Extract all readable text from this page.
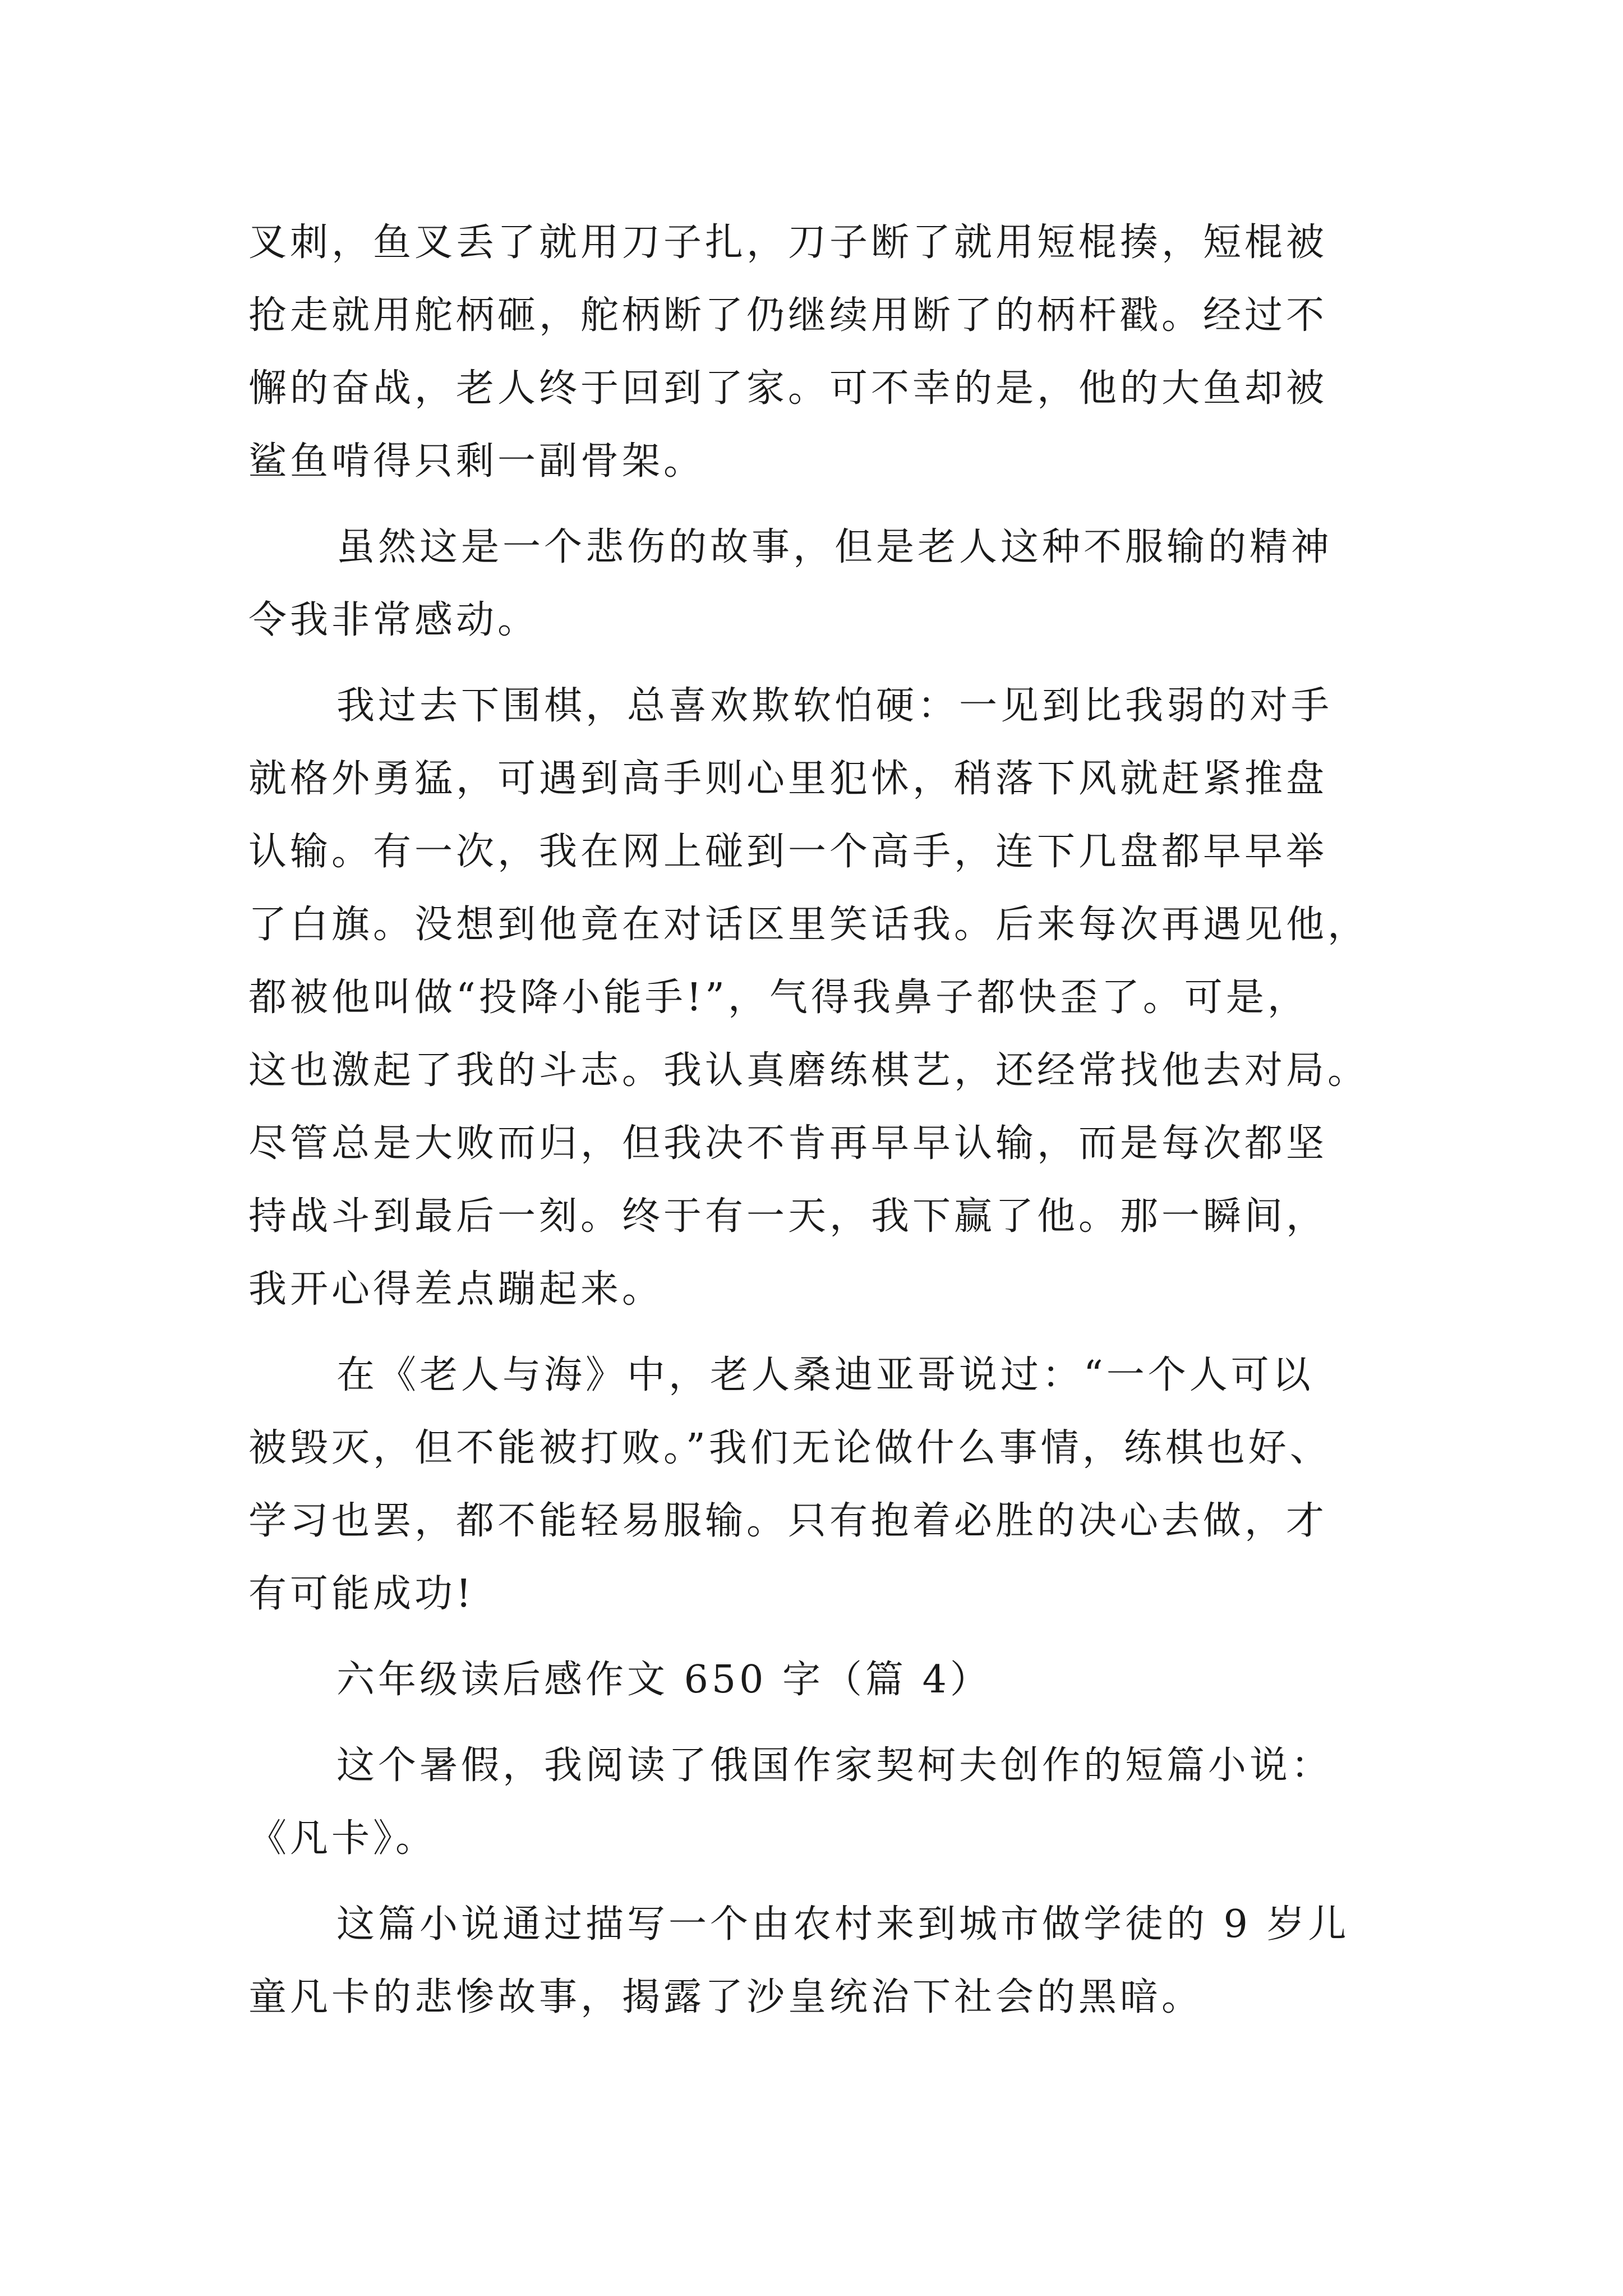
叉刺，鱼叉丢了就用刀子扎，刀子断了就用短棍揍，短棍被
抢走就用舵柄砸，舵柄断了仍继续用断了的柄杆戳。经过不
懈的奋战，老人终于回到了家。可不幸的是，他的大鱼却被
鲨鱼啃得只剩一副骨架。
虽然这是一个悲伤的故事，但是老人这种不服输的精神
令我非常感动。
我过去下围棋，总喜欢欺软怕硬：一见到比我弱的对手
就格外勇猛，可遇到高手则心里犯怵，稍落下风就赶紧推盘
认输。有一次，我在网上碰到一个高手，连下几盘都早早举
了白旗。没想到他竟在对话区里笑话我。后来每次再遇见他，
都被他叫做“投降小能手!”，气得我鼻子都快歪了。可是，
这也激起了我的斗志。我认真磨练棋艺，还经常找他去对局。
尽管总是大败而归，但我决不肯再早早认输，而是每次都坚
持战斗到最后一刻。终于有一天，我下赢了他。那一瞬间，
我开心得差点蹦起来。
在《老人与海》中，老人桑迪亚哥说过：“一个人可以
被毁灭，但不能被打败。”我们无论做什么事情，练棋也好、
学习也罢，都不能轻易服输。只有抱着必胜的决心去做，才
有可能成功!
六年级读后感作文 650 字（篇 4）
这个暑假，我阅读了俄国作家契柯夫创作的短篇小说：
《凡卡》。
这篇小说通过描写一个由农村来到城市做学徒的 9 岁儿
童凡卡的悲惨故事，揭露了沙皇统治下社会的黑暗。
